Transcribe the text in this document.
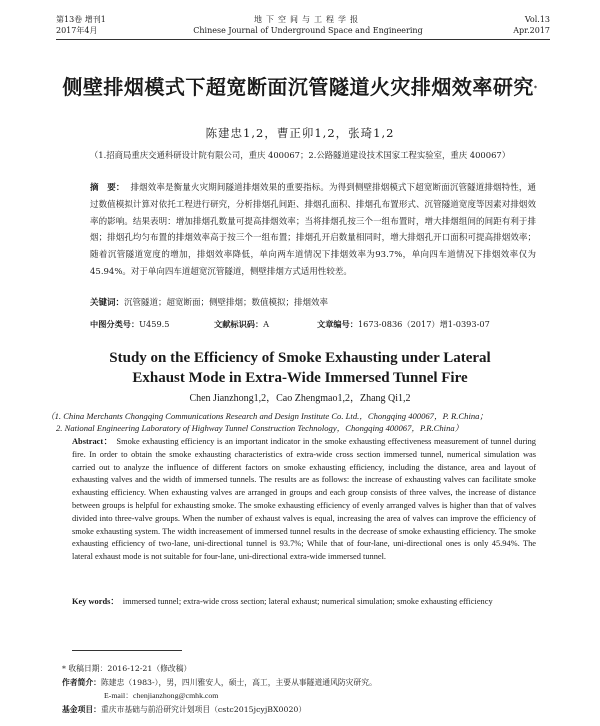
第13卷 增刊1
2017年4月
地下空间与工程学报
Chinese Journal of Underground Space and Engineering
Vol.13
Apr.2017
侧壁排烟模式下超宽断面沉管隧道火灾排烟效率研究*
陈建忠1,2，曹正卯1,2，张琦1,2
（1.招商局重庆交通科研设计院有限公司，重庆 400067；2.公路隧道建设技术国家工程实验室，重庆 400067）
摘　要： 排烟效率是衡量火灾期间隧道排烟效果的重要指标。为得到侧壁排烟模式下超宽断面沉管隧道排烟特性，通过数值模拟计算对依托工程进行研究，分析排烟孔间距、排烟孔面积、排烟孔布置形式、沉管隧道宽度等因素对排烟效率的影响。结果表明：增加排烟孔数量可提高排烟效率；当将排烟孔按三个一组布置时，增大排烟组间的间距有利于排烟；排烟孔均匀布置的排烟效率高于按三个一组布置；排烟孔开启数量相同时，增大排烟孔开口面积可提高排烟效率；随着沉管隧道宽度的增加，排烟效率降低，单向两车道情况下排烟效率为93.7%，单向四车道情况下排烟效率仅为45.94%。对于单向四车道超宽沉管隧道，侧壁排烟方式适用性较差。
关键词：沉管隧道；超宽断面；侧壁排烟；数值模拟；排烟效率
中图分类号：U459.5	文献标识码：A	文章编号：1673-0836（2017）增1-0393-07
Study on the Efficiency of Smoke Exhausting under Lateral
Exhaust Mode in Extra-Wide Immersed Tunnel Fire
Chen Jianzhong1,2，Cao Zhengmao1,2，Zhang Qi1,2
（1. China Merchants Chongqing Communications Research and Design Institute Co. Ltd.，Chongqing 400067，P. R.China；
2. National Engineering Laboratory of Highway Tunnel Construction Technology，Chongqing 400067，P.R.China）
Abstract： Smoke exhausting efficiency is an important indicator in the smoke exhausting effectiveness measurement of tunnel during fire. In order to obtain the smoke exhausting characteristics of extra-wide cross section immersed tunnel, numerical simulation was carried out to analyze the influence of different factors on smoke exhausting efficiency, including the distance, area and layout of exhausting valves and the width of immersed tunnels. The results are as follows: the increase of exhausting valves can facilitate smoke exhausting efficiency. When exhausting valves are arranged in groups and each group consists of three valves, the increase of distance between groups is helpful for exhausting smoke. The smoke exhausting efficiency of evenly arranged valves is higher than that of valves divided into three-valve groups. When the number of exhaust valves is equal, increasing the area of valves can improve the efficiency of smoke exhausting system. The width increasement of immersed tunnel results in the decrease of smoke exhausting efficiency. The smoke exhausting efficiency of two-lane, uni-directional tunnel is 93.7%; While that of four-lane, uni-directional ones is only 45.94%. The lateral exhaust mode is not suitable for four-lane, uni-directional extra-wide immersed tunnel.
Key words： immersed tunnel; extra-wide cross section; lateral exhaust; numerical simulation; smoke exhausting efficiency
* 收稿日期：2016-12-21（修改稿）
作者简介：陈建忠（1983-），男，四川雅安人，硕士，高工，主要从事隧道通风防灾研究。
E-mail：chenjianzhong@cmhk.com
基金项目：重庆市基础与前沿研究计划项目（cstc2015jcyjBX0020）
